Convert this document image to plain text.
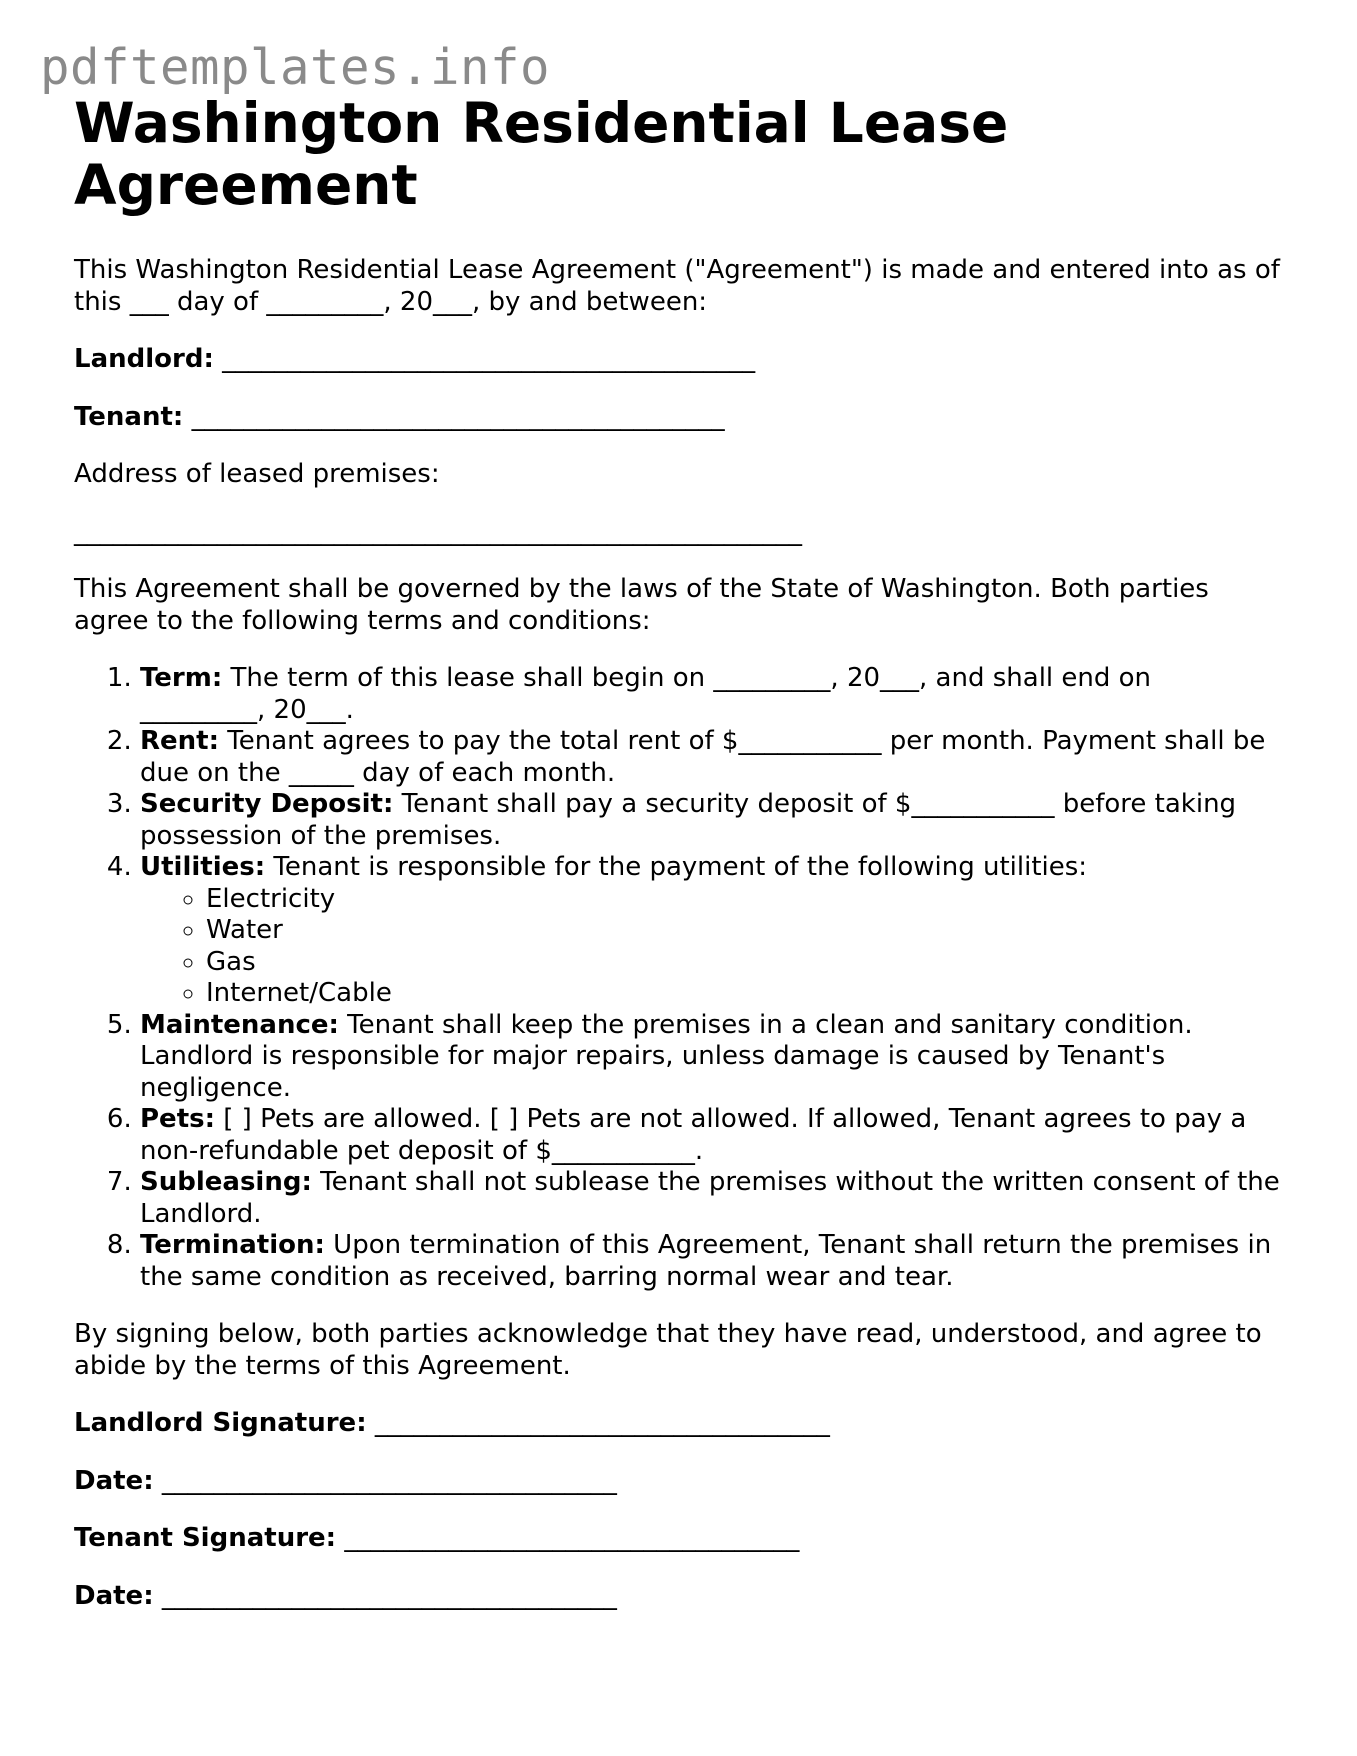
pdftemplates.info
Washington Residential Lease Agreement

This Washington Residential Lease Agreement ("Agreement") is made and entered into as of this ___ day of _________, 20___, by and between:

Landlord: _________________________________________

Tenant: _________________________________________

Address of leased premises:

________________________________________________________

This Agreement shall be governed by the laws of the State of Washington. Both parties agree to the following terms and conditions:

1. Term: The term of this lease shall begin on _________, 20___, and shall end on _________, 20___.
2. Rent: Tenant agrees to pay the total rent of $___________ per month. Payment shall be due on the _____ day of each month.
3. Security Deposit: Tenant shall pay a security deposit of $___________ before taking possession of the premises.
4. Utilities: Tenant is responsible for the payment of the following utilities:
◦ Electricity
◦ Water
◦ Gas
◦ Internet/Cable
5. Maintenance: Tenant shall keep the premises in a clean and sanitary condition. Landlord is responsible for major repairs, unless damage is caused by Tenant's negligence.
6. Pets: [ ] Pets are allowed. [ ] Pets are not allowed. If allowed, Tenant agrees to pay a non-refundable pet deposit of $___________.
7. Subleasing: Tenant shall not sublease the premises without the written consent of the Landlord.
8. Termination: Upon termination of this Agreement, Tenant shall return the premises in the same condition as received, barring normal wear and tear.

By signing below, both parties acknowledge that they have read, understood, and agree to abide by the terms of this Agreement.

Landlord Signature: ___________________________________

Date: ___________________________________

Tenant Signature: ___________________________________

Date: ___________________________________
